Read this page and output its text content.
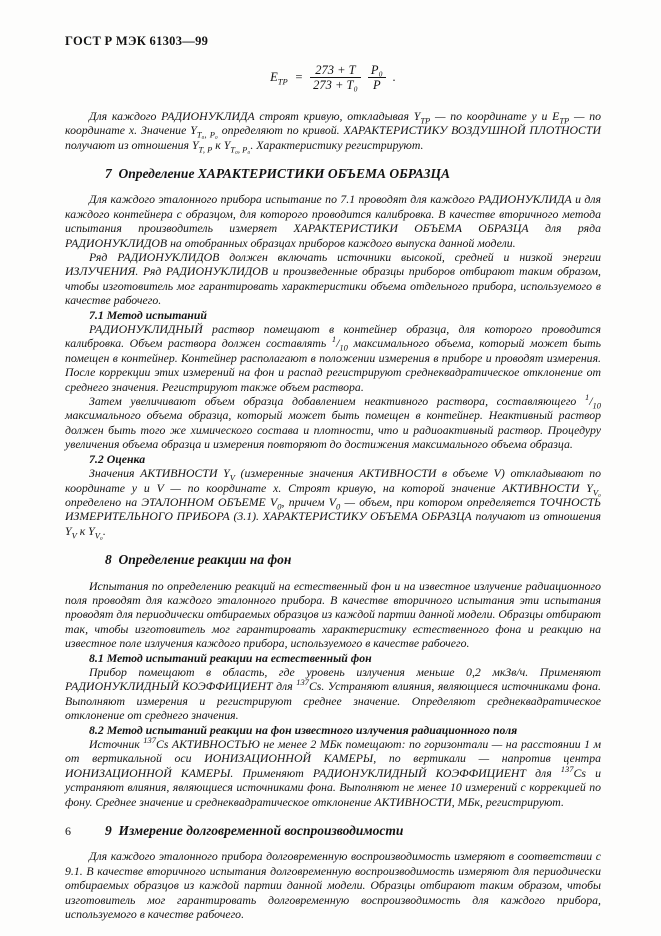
ГОСТ Р МЭК 61303—99
$E_{ТР} = \frac{273 + T}{\text{273 + T₀}} \frac{\text{P₀}}{P}$ .

Для каждого РАДИОНУКЛИДА строят кривую, откладывая $Y_{ТР}$ — по координате у и $E_{ТР}$ — по координате х. Значение $Y_{Т_0, Р_0}$ определяют по кривой. ХАРАКТЕРИСТИКУ ВОЗДУШНОЙ ПЛОТНОСТИ получают из отношения $Y_{Т, Р}$ к $Y_{Т_0, Р_0}$. Характеристику регистрируют.

7  Определение ХАРАКТЕРИСТИКИ ОБЪЕМА ОБРАЗЦА

Для каждого эталонного прибора испытание по 7.1 проводят для каждого РАДИОНУКЛИДА и для каждого контейнера с образцом, для которого проводится калибровка. В качестве вторичного метода испытания производитель измеряет ХАРАКТЕРИСТИКИ ОБЪЕМА ОБРАЗЦА для ряда РАДИОНУКЛИДОВ на отобранных образцах приборов каждого выпуска данной модели.

Ряд РАДИОНУКЛИДОВ должен включать источники высокой, средней и низкой энергии ИЗЛУЧЕНИЯ. Ряд РАДИОНУКЛИДОВ и произведенные образцы приборов отбирают таким образом, чтобы изготовитель мог гарантировать характеристики объема отдельного прибора, используемого в качестве рабочего.

7.1 Метод испытаний

РАДИОНУКЛИДНЫЙ раствор помещают в контейнер образца, для которого проводится калибровка. Объем раствора должен составлять $^1/_{10}$ максимального объема, который может быть помещен в контейнер. Контейнер располагают в положении измерения в приборе и проводят измерения. После коррекции этих измерений на фон и распад регистрируют среднеквадратическое отклонение от среднего значения. Регистрируют также объем раствора.

Затем увеличивают объем образца добавлением неактивного раствора, составляющего $^1/_{10}$ максимального объема образца, который может быть помещен в контейнер. Неактивный раствор должен быть того же химического состава и плотности, что и радиоактивный раствор. Процедуру увеличения объема образца и измерения повторяют до достижения максимального объема образца.

7.2 Оценка

Значения АКТИВНОСТИ $Y_V$ (измеренные значения АКТИВНОСТИ в объеме V) откладывают по координате у и V — по координате х. Строят кривую, на которой значение АКТИВНОСТИ $Y_{V_0}$ определено на ЭТАЛОННОМ ОБЪЕМЕ $V_0$, причем $V_0$ — объем, при котором определяется ТОЧНОСТЬ ИЗМЕРИТЕЛЬНОГО ПРИБОРА (3.1). ХАРАКТЕРИСТИКУ ОБЪЕМА ОБРАЗЦА получают из отношения $Y_V$ к $Y_{V_0}$.

8  Определение реакции на фон

Испытания по определению реакций на естественный фон и на известное излучение радиационного поля проводят для каждого эталонного прибора. В качестве вторичного испытания эти испытания проводят для периодически отбираемых образцов из каждой партии данной модели. Образцы отбирают так, чтобы изготовитель мог гарантировать характеристику естественного фона и реакцию на известное поле излучения каждого прибора, используемого в качестве рабочего.

8.1 Метод испытаний реакции на естественный фон

Прибор помещают в область, где уровень излучения меньше 0,2 мкЗв/ч. Применяют РАДИОНУКЛИДНЫЙ КОЭФФИЦИЕНТ для $^{137}$Cs. Устраняют влияния, являющиеся источниками фона. Выполняют измерения и регистрируют среднее значение. Определяют среднеквадратическое отклонение от среднего значения.

8.2 Метод испытаний реакции на фон известного излучения радиационного поля

Источник $^{137}$Cs АКТИВНОСТЬЮ не менее 2 МБк помещают: по горизонтали — на расстоянии 1 м от вертикальной оси ИОНИЗАЦИОННОЙ КАМЕРЫ, по вертикали — напротив центра ИОНИЗАЦИОННОЙ КАМЕРЫ. Применяют РАДИОНУКЛИДНЫЙ КОЭФФИЦИЕНТ для $^{137}$Cs и устраняют влияния, являющиеся источниками фона. Выполняют не менее 10 измерений с коррекцией по фону. Среднее значение и среднеквадратическое отклонение АКТИВНОСТИ, МБк, регистрируют.

9  Измерение долговременной воспроизводимости

Для каждого эталонного прибора долговременную воспроизводимость измеряют в соответствии с 9.1. В качестве вторичного испытания долговременную воспроизводимость измеряют для периодически отбираемых образцов из каждой партии данной модели. Образцы отбирают таким образом, чтобы изготовитель мог гарантировать долговременную воспроизводимость для каждого прибора, используемого в качестве рабочего.

6
